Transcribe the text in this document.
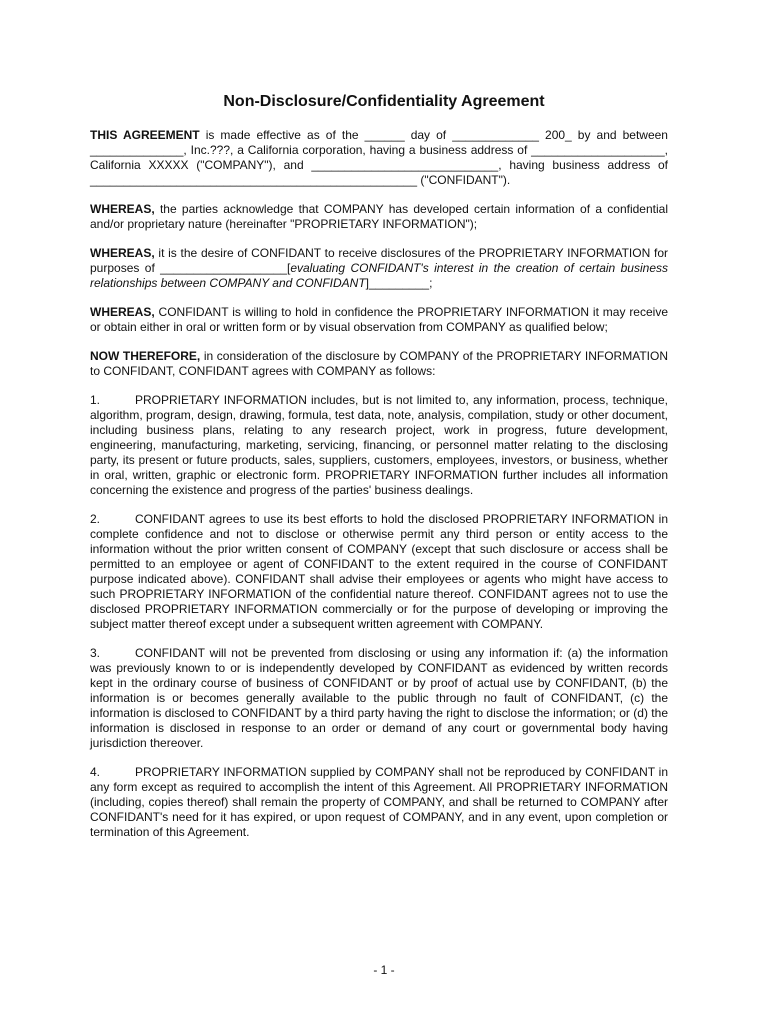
Non-Disclosure/Confidentiality Agreement

THIS AGREEMENT is made effective as of the ______ day of _____________ 200_ by and between ______________, Inc.???, a California corporation, having a business address of ____________________, California XXXXX ("COMPANY"), and ____________________________, having business address of _________________________________________________ ("CONFIDANT").

WHEREAS, the parties acknowledge that COMPANY has developed certain information of a confidential and/or proprietary nature (hereinafter "PROPRIETARY INFORMATION");

WHEREAS, it is the desire of CONFIDANT to receive disclosures of the PROPRIETARY INFORMATION for purposes of ___________________[evaluating CONFIDANT's interest in the creation of certain business relationships between COMPANY and CONFIDANT]_________;

WHEREAS, CONFIDANT is willing to hold in confidence the PROPRIETARY INFORMATION it may receive or obtain either in oral or written form or by visual observation from COMPANY as qualified below;

NOW THEREFORE, in consideration of the disclosure by COMPANY of the PROPRIETARY INFORMATION to CONFIDANT, CONFIDANT agrees with COMPANY as follows:

1.	PROPRIETARY INFORMATION includes, but is not limited to, any information, process, technique, algorithm, program, design, drawing, formula, test data, note, analysis, compilation, study or other document, including business plans, relating to any research project, work in progress, future development, engineering, manufacturing, marketing, servicing, financing, or personnel matter relating to the disclosing party, its present or future products, sales, suppliers, customers, employees, investors, or business, whether in oral, written, graphic or electronic form. PROPRIETARY INFORMATION further includes all information concerning the existence and progress of the parties' business dealings.

2.	CONFIDANT agrees to use its best efforts to hold the disclosed PROPRIETARY INFORMATION in complete confidence and not to disclose or otherwise permit any third person or entity access to the information without the prior written consent of COMPANY (except that such disclosure or access shall be permitted to an employee or agent of CONFIDANT to the extent required in the course of CONFIDANT purpose indicated above). CONFIDANT shall advise their employees or agents who might have access to such PROPRIETARY INFORMATION of the confidential nature thereof. CONFIDANT agrees not to use the disclosed PROPRIETARY INFORMATION commercially or for the purpose of developing or improving the subject matter thereof except under a subsequent written agreement with COMPANY.

3.	CONFIDANT will not be prevented from disclosing or using any information if: (a) the information was previously known to or is independently developed by CONFIDANT as evidenced by written records kept in the ordinary course of business of CONFIDANT or by proof of actual use by CONFIDANT, (b) the information is or becomes generally available to the public through no fault of CONFIDANT, (c) the information is disclosed to CONFIDANT by a third party having the right to disclose the information; or (d) the information is disclosed in response to an order or demand of any court or governmental body having jurisdiction thereover.

4.	PROPRIETARY INFORMATION supplied by COMPANY shall not be reproduced by CONFIDANT in any form except as required to accomplish the intent of this Agreement. All PROPRIETARY INFORMATION (including, copies thereof) shall remain the property of COMPANY, and shall be returned to COMPANY after CONFIDANT's need for it has expired, or upon request of COMPANY, and in any event, upon completion or termination of this Agreement.

- 1 -
